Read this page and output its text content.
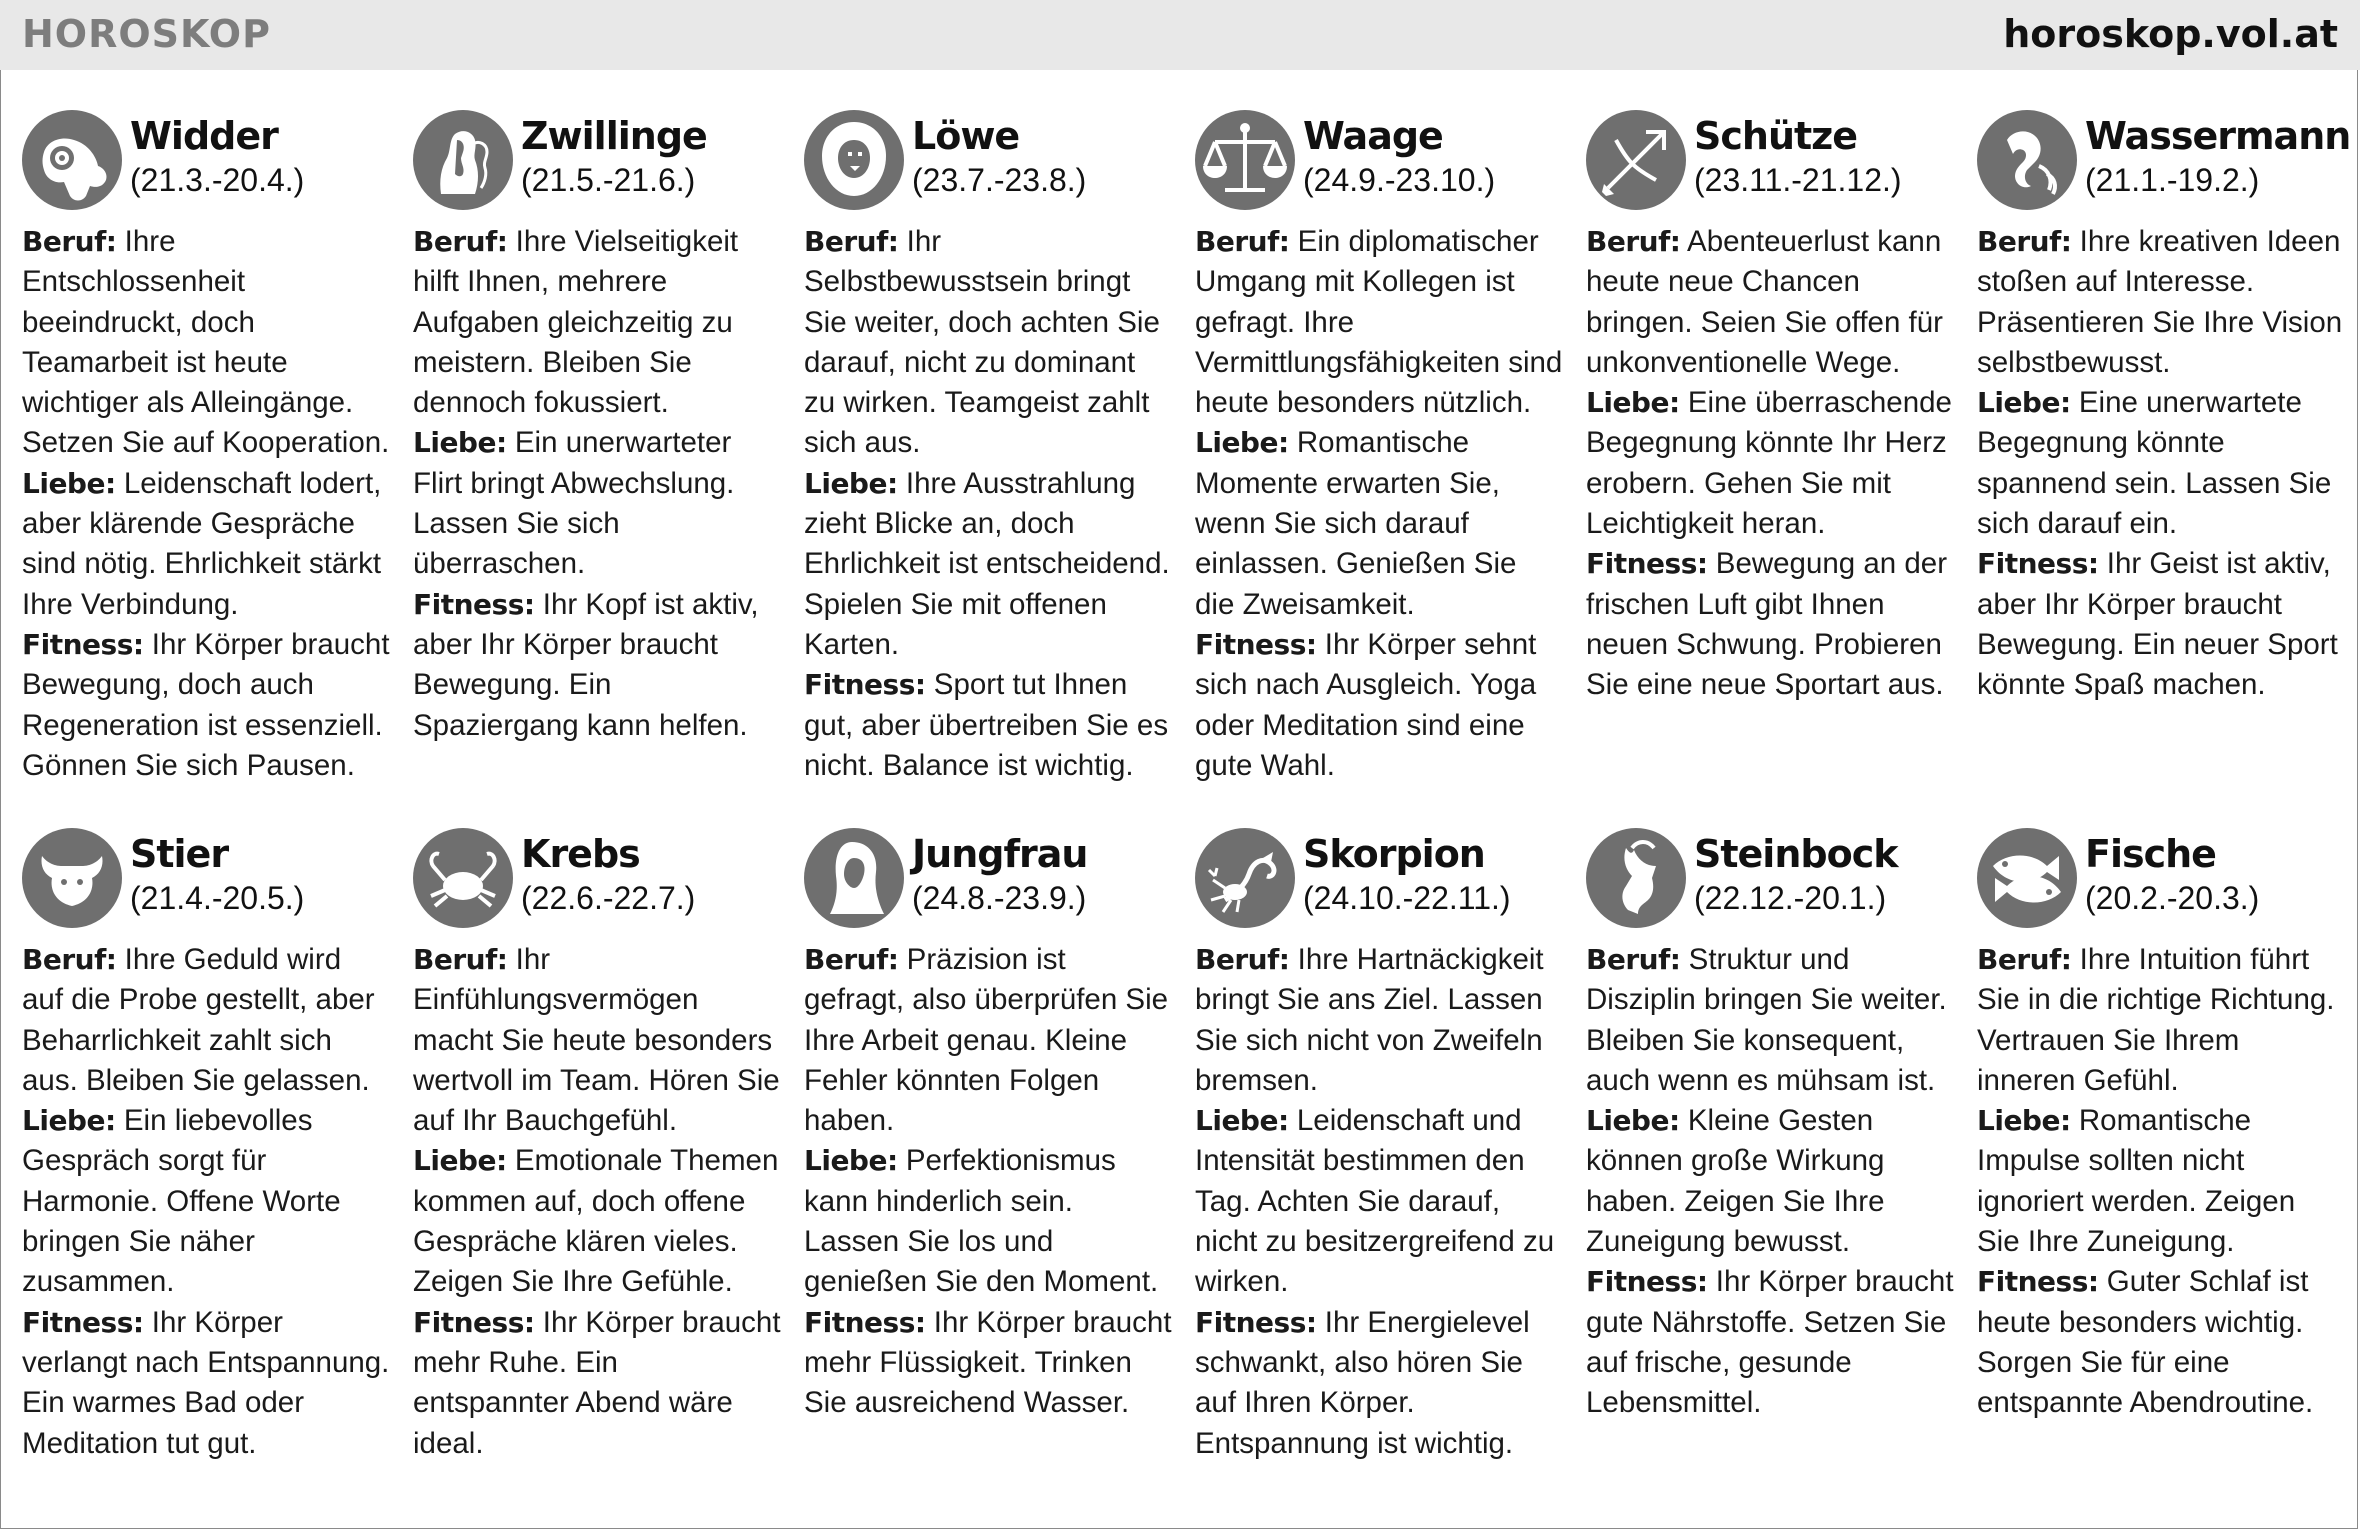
HOROSKOP	horoskop.vol.at
Widder
(21.3.-20.4.)

Beruf: Ihre Entschlossenheit beeindruckt, doch Teamarbeit ist heute wichtiger als Alleingänge. Setzen Sie auf Kooperation.

Liebe: Leidenschaft lodert, aber klärende Gespräche sind nötig. Ehrlichkeit stärkt Ihre Verbindung.

Fitness: Ihr Körper braucht Bewegung, doch auch Regeneration ist essenziell. Gönnen Sie sich Pausen.

Zwillinge
(21.5.-21.6.)

Beruf: Ihre Vielseitigkeit hilft Ihnen, mehrere Aufgaben gleichzeitig zu meistern. Bleiben Sie dennoch fokussiert.

Liebe: Ein unerwarteter Flirt bringt Abwechslung. Lassen Sie sich überraschen.

Fitness: Ihr Kopf ist aktiv, aber Ihr Körper braucht Bewegung. Ein Spaziergang kann helfen.

Löwe
(23.7.-23.8.)

Beruf: Ihr Selbstbewusstsein bringt Sie weiter, doch achten Sie darauf, nicht zu dominant zu wirken. Teamgeist zahlt sich aus.

Liebe: Ihre Ausstrahlung zieht Blicke an, doch Ehrlichkeit ist entscheidend. Spielen Sie mit offenen Karten.

Fitness: Sport tut Ihnen gut, aber übertreiben Sie es nicht. Balance ist wichtig.

Waage
(24.9.-23.10.)

Beruf: Ein diplomatischer Umgang mit Kollegen ist gefragt. Ihre Vermittlungsfähigkeiten sind heute besonders nützlich.

Liebe: Romantische Momente erwarten Sie, wenn Sie sich darauf einlassen. Genießen Sie die Zweisamkeit.

Fitness: Ihr Körper sehnt sich nach Ausgleich. Yoga oder Meditation sind eine gute Wahl.

Schütze
(23.11.-21.12.)

Beruf: Abenteuerlust kann heute neue Chancen bringen. Seien Sie offen für unkonventionelle Wege.

Liebe: Eine überraschende Begegnung könnte Ihr Herz erobern. Gehen Sie mit Leichtigkeit heran.

Fitness: Bewegung an der frischen Luft gibt Ihnen neuen Schwung. Probieren Sie eine neue Sportart aus.

Wassermann
(21.1.-19.2.)

Beruf: Ihre kreativen Ideen stoßen auf Interesse. Präsentieren Sie Ihre Vision selbstbewusst.

Liebe: Eine unerwartete Begegnung könnte spannend sein. Lassen Sie sich darauf ein.

Fitness: Ihr Geist ist aktiv, aber Ihr Körper braucht Bewegung. Ein neuer Sport könnte Spaß machen.

Stier
(21.4.-20.5.)

Beruf: Ihre Geduld wird auf die Probe gestellt, aber Beharrlichkeit zahlt sich aus. Bleiben Sie gelassen.

Liebe: Ein liebevolles Gespräch sorgt für Harmonie. Offene Worte bringen Sie näher zusammen.

Fitness: Ihr Körper verlangt nach Entspannung. Ein warmes Bad oder Meditation tut gut.

Krebs
(22.6.-22.7.)

Beruf: Ihr Einfühlungsvermögen macht Sie heute besonders wertvoll im Team. Hören Sie auf Ihr Bauchgefühl.

Liebe: Emotionale Themen kommen auf, doch offene Gespräche klären vieles. Zeigen Sie Ihre Gefühle.

Fitness: Ihr Körper braucht mehr Ruhe. Ein entspannter Abend wäre ideal.

Jungfrau
(24.8.-23.9.)

Beruf: Präzision ist gefragt, also überprüfen Sie Ihre Arbeit genau. Kleine Fehler könnten Folgen haben.

Liebe: Perfektionismus kann hinderlich sein. Lassen Sie los und genießen Sie den Moment.

Fitness: Ihr Körper braucht mehr Flüssigkeit. Trinken Sie ausreichend Wasser.

Skorpion
(24.10.-22.11.)

Beruf: Ihre Hartnäckigkeit bringt Sie ans Ziel. Lassen Sie sich nicht von Zweifeln bremsen.

Liebe: Leidenschaft und Intensität bestimmen den Tag. Achten Sie darauf, nicht zu besitzergreifend zu wirken.

Fitness: Ihr Energielevel schwankt, also hören Sie auf Ihren Körper. Entspannung ist wichtig.

Steinbock
(22.12.-20.1.)

Beruf: Struktur und Disziplin bringen Sie weiter. Bleiben Sie konsequent, auch wenn es mühsam ist.

Liebe: Kleine Gesten können große Wirkung haben. Zeigen Sie Ihre Zuneigung bewusst.

Fitness: Ihr Körper braucht gute Nährstoffe. Setzen Sie auf frische, gesunde Lebensmittel.

Fische
(20.2.-20.3.)

Beruf: Ihre Intuition führt Sie in die richtige Richtung. Vertrauen Sie Ihrem inneren Gefühl.

Liebe: Romantische Impulse sollten nicht ignoriert werden. Zeigen Sie Ihre Zuneigung.

Fitness: Guter Schlaf ist heute besonders wichtig. Sorgen Sie für eine entspannte Abendroutine.
